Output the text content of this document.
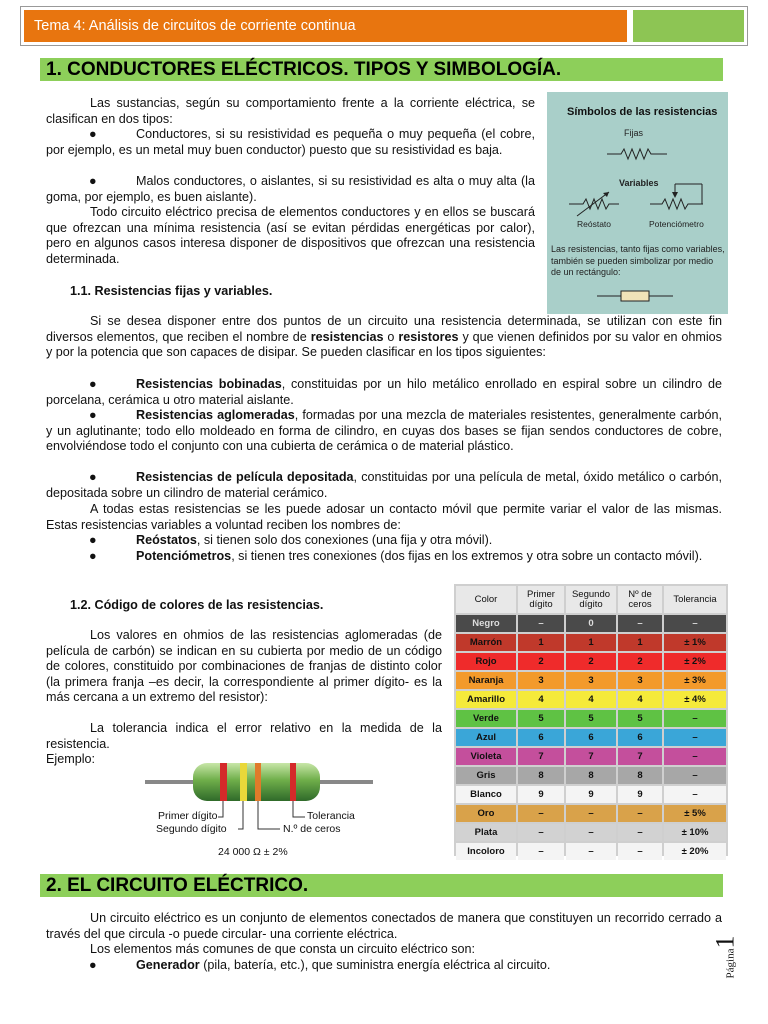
Tema 4: Análisis de circuitos de corriente continua
1. CONDUCTORES ELÉCTRICOS. TIPOS Y SIMBOLOGÍA.
Las sustancias, según su comportamiento frente a la corriente eléctrica, se clasifican en dos tipos:
●	Conductores, si su resistividad es pequeña o muy pequeña (el cobre, por ejemplo, es un metal muy buen conductor) puesto que su resistividad es baja.
●	Malos conductores, o aislantes, si su resistividad es alta o muy alta (la goma, por ejemplo, es buen aislante).
Todo circuito eléctrico precisa de elementos conductores y en ellos se buscará que ofrezcan una mínima resistencia (así se evitan pérdidas energéticas por calor), pero en algunos casos interesa disponer de dispositivos que ofrezcan una resistencia determinada.
Símbolos de las resistencias
Fijas
Variables
Reóstato	Potenciómetro
Las resistencias, tanto fijas como variables, también se pueden simbolizar por medio de un rectángulo:
1.1. Resistencias fijas y variables.
Si se desea disponer entre dos puntos de un circuito una resistencia determinada, se utilizan con este fin diversos elementos, que reciben el nombre de resistencias o resistores y que vienen definidos por su valor en ohmios y por la potencia que son capaces de disipar. Se pueden clasificar en los tipos siguientes:
●	Resistencias bobinadas, constituidas por un hilo metálico enrollado en espiral sobre un cilindro de porcelana, cerámica u otro material aislante.
●	Resistencias aglomeradas, formadas por una mezcla de materiales resistentes, generalmente carbón, y un aglutinante; todo ello moldeado en forma de cilindro, en cuyas dos bases se fijan sendos conductores de cobre, envolviéndose todo el conjunto con una cubierta de cerámica o de material plástico.
●	Resistencias de película depositada, constituidas por una película de metal, óxido metálico o carbón, depositada sobre un cilindro de material cerámico.
A todas estas resistencias se les puede adosar un contacto móvil que permite variar el valor de las mismas. Estas resistencias variables a voluntad reciben los nombres de:
●	Reóstatos, si tienen solo dos conexiones (una fija y otra móvil).
●	Potenciómetros, si tienen tres conexiones (dos fijas en los extremos y otra sobre un contacto móvil).
1.2. Código de colores de las resistencias.
Los valores en ohmios de las resistencias aglomeradas (de película de carbón) se indican en su cubierta por medio de un código de colores, constituido por combinaciones de franjas de distinto color (la primera franja –es decir, la correspondiente al primer dígito- es la más cercana a un extremo del resistor):
La tolerancia indica el error relativo en la medida de la resistencia.
Ejemplo:
Primer dígito
Segundo dígito
Tolerancia
N.º de ceros
24 000 Ω ± 2%
Color	Primer dígito	Segundo dígito	Nº de ceros	Tolerancia
Negro	–	0	–	–
Marrón	1	1	1	± 1%
Rojo	2	2	2	± 2%
Naranja	3	3	3	± 3%
Amarillo	4	4	4	± 4%
Verde	5	5	5	–
Azul	6	6	6	–
Violeta	7	7	7	–
Gris	8	8	8	–
Blanco	9	9	9	–
Oro	–	–	–	± 5%
Plata	–	–	–	± 10%
Incoloro	–	–	–	± 20%
2. EL CIRCUITO ELÉCTRICO.
Un circuito eléctrico es un conjunto de elementos conectados de manera que constituyen un recorrido cerrado a través del que circula -o puede circular- una corriente eléctrica.
Los elementos más comunes de que consta un circuito eléctrico son:
●	Generador (pila, batería, etc.), que suministra energía eléctrica al circuito.	Página1
